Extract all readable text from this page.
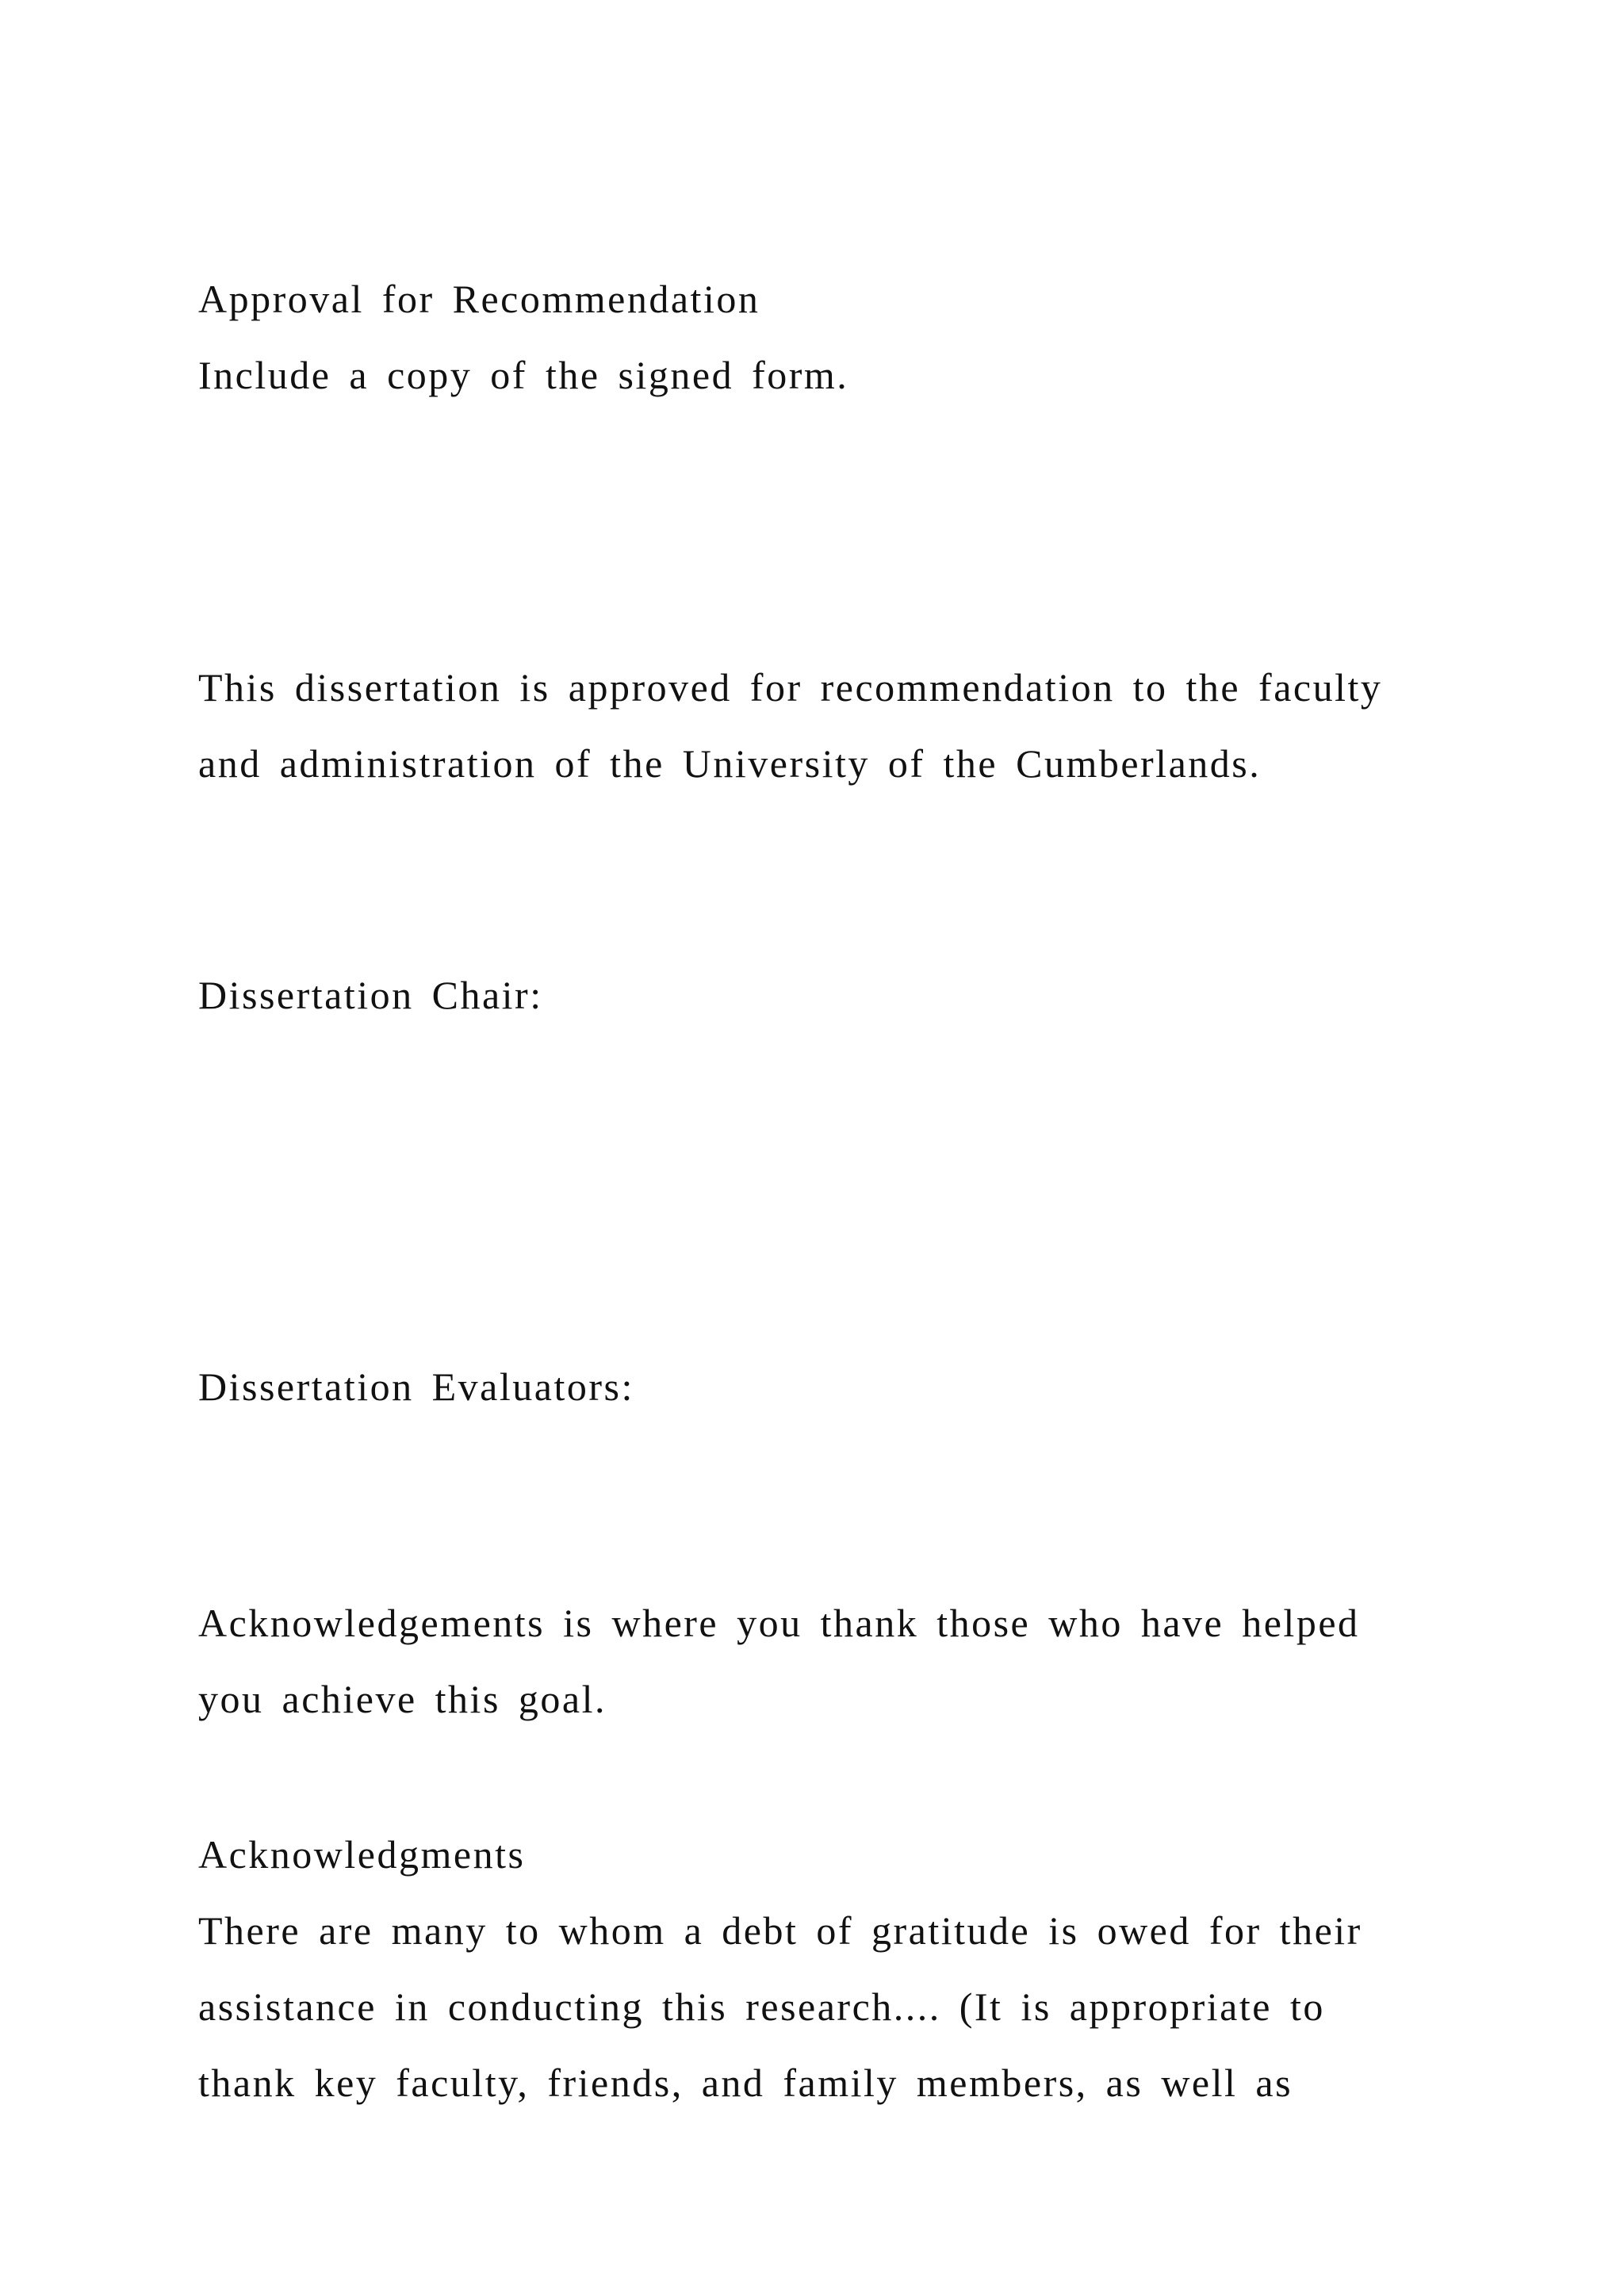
Approval for Recommendation
Include a copy of the signed form.
This dissertation is approved for recommendation to the faculty
and administration of the University of the Cumberlands.
Dissertation Chair:
Dissertation Evaluators:
Acknowledgements is where you thank those who have helped
you achieve this goal.
Acknowledgments
There are many to whom a debt of gratitude is owed for their
assistance in conducting this research.... (It is appropriate to
thank key faculty, friends, and family members, as well as
